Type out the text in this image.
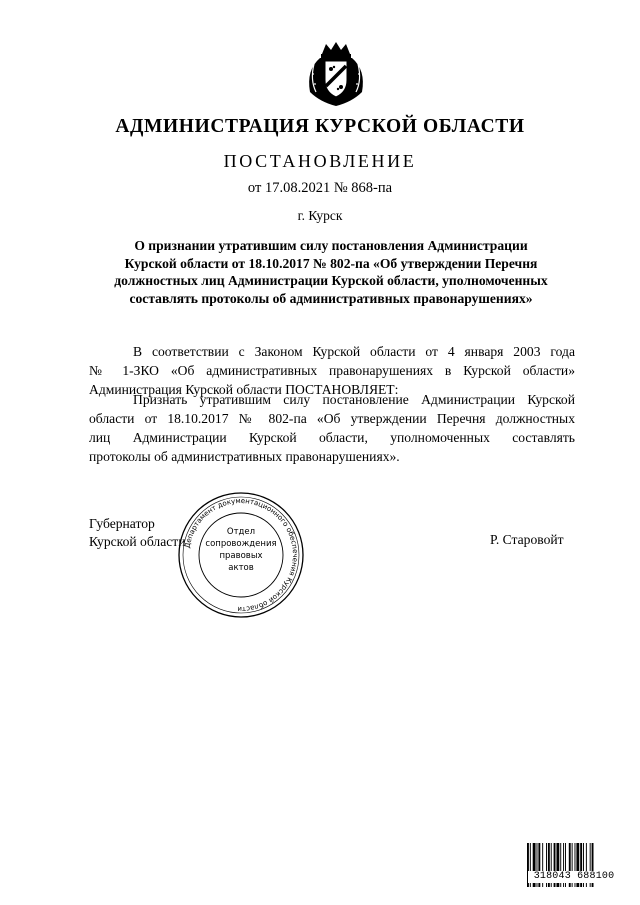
АДМИНИСТРАЦИЯ КУРСКОЙ ОБЛАСТИ
ПОСТАНОВЛЕНИЕ
от 17.08.2021 № 868-па
г. Курск
О признании утратившим силу постановления Администрации
Курской области от 18.10.2017 № 802-па «Об утверждении Перечня
должностных лиц Администрации Курской области, уполномоченных
составлять протоколы об административных правонарушениях»
В соответствии с Законом Курской области от 4 января 2003 года
№ 1-ЗКО «Об административных правонарушениях в Курской области»
Администрация Курской области ПОСТАНОВЛЯЕТ:
Признать утратившим силу постановление Администрации Курской
области от 18.10.2017 № 802-па «Об утверждении Перечня должностных
лиц Администрации Курской области, уполномоченных составлять
протоколы об административных правонарушениях».
Губернатор
Курской области	Р. Старовойт
Департамент документационного обеспечения Курской области
Отдел
сопровождения
правовых
актов
318043 688100
